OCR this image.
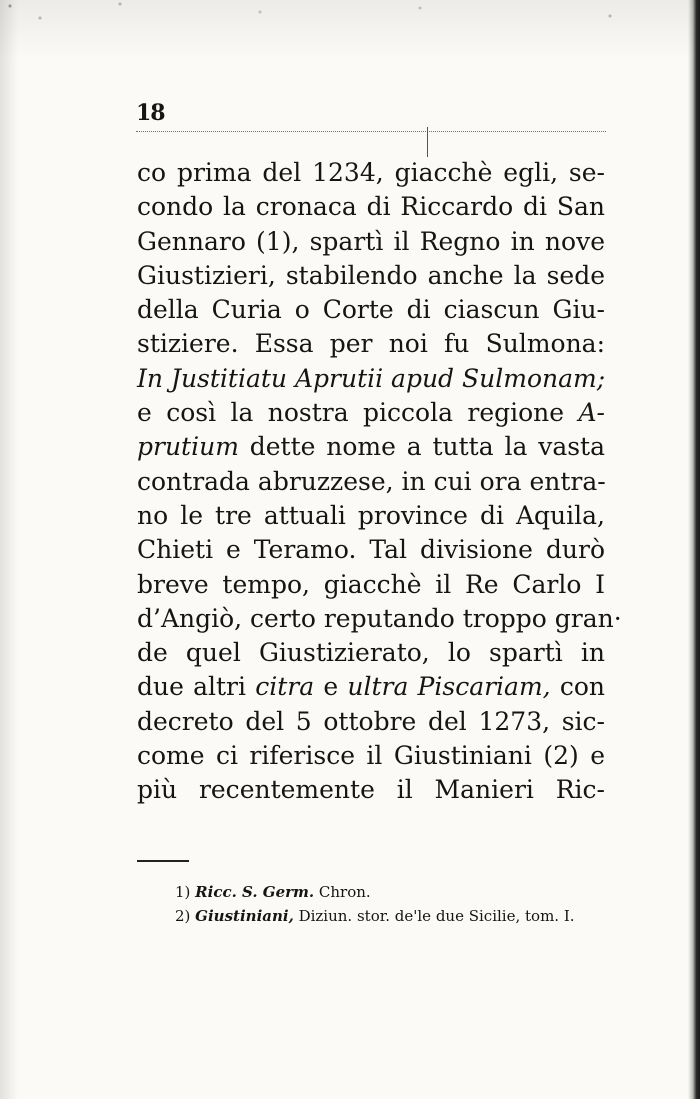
18
co prima del 1234, giacchè egli, se-
condo la cronaca di Riccardo di San
Gennaro (1), spartì il Regno in nove
Giustizieri, stabilendo anche la sede
della Curia o Corte di ciascun Giu-
stiziere. Essa per noi fu Sulmona:
In Justitiatu Aprutii apud Sulmonam;
e così la nostra piccola regione A-
prutium dette nome a tutta la vasta
contrada abruzzese, in cui ora entra-
no le tre attuali province di Aquila,
Chieti e Teramo. Tal divisione durò
breve tempo, giacchè il Re Carlo I
d’Angiò, certo reputando troppo gran·
de quel Giustizierato, lo spartì in
due altri citra e ultra Piscariam, con
decreto del 5 ottobre del 1273, sic-
come ci riferisce il Giustiniani (2) e
più recentemente il Manieri Ric-
1) Ricc. S. Germ. Chron.
2) Giustiniani, Diziun. stor. de'le due Sicilie, tom. I.
